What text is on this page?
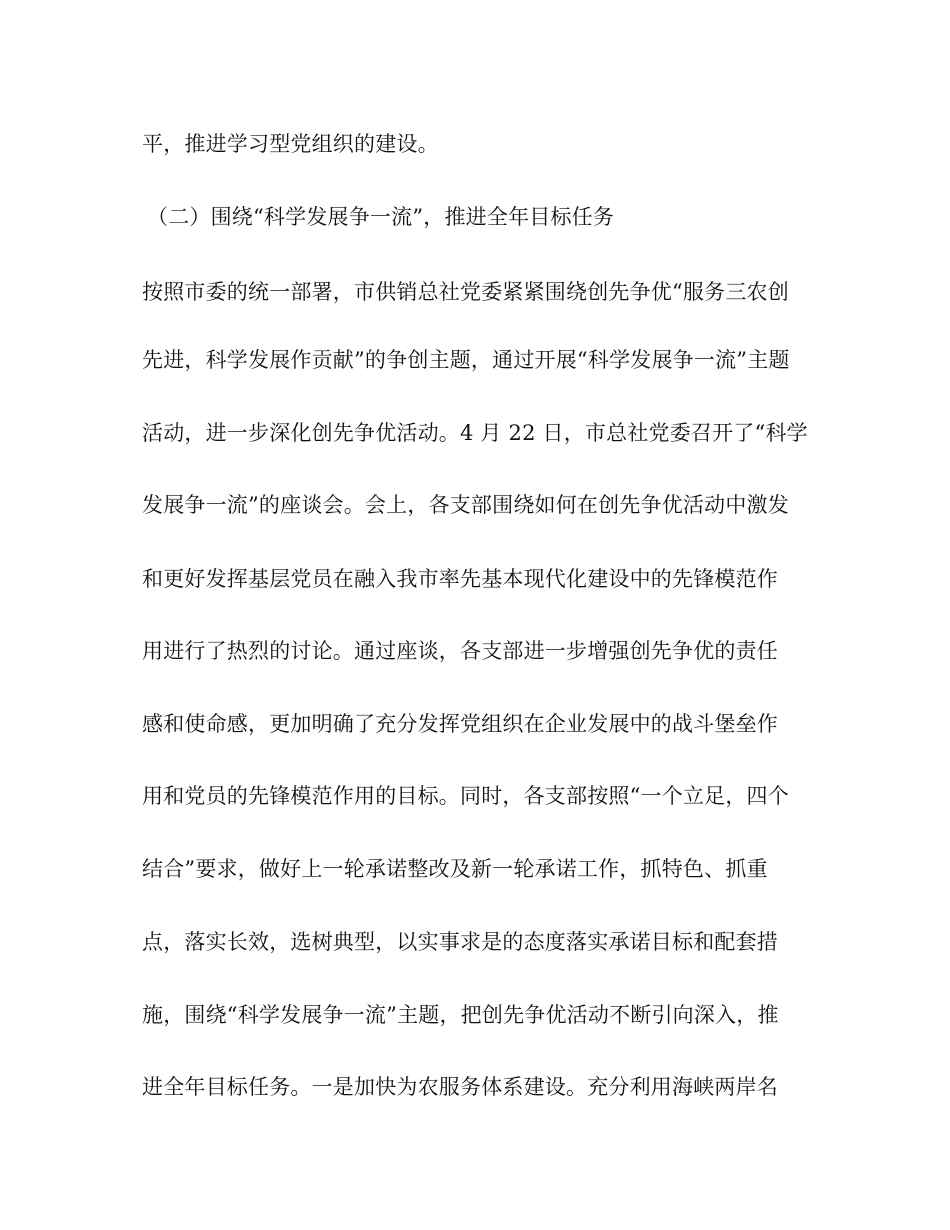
平，推进学习型党组织的建设。
（二）围绕“科学发展争一流”，推进全年目标任务
按照市委的统一部署，市供销总社党委紧紧围绕创先争优“服务三农创
先进，科学发展作贡献”的争创主题，通过开展“科学发展争一流”主题
活动，进一步深化创先争优活动。4 月 22 日，市总社党委召开了“科学
发展争一流”的座谈会。会上，各支部围绕如何在创先争优活动中激发
和更好发挥基层党员在融入我市率先基本现代化建设中的先锋模范作
用进行了热烈的讨论。通过座谈，各支部进一步增强创先争优的责任
感和使命感，更加明确了充分发挥党组织在企业发展中的战斗堡垒作
用和党员的先锋模范作用的目标。同时，各支部按照“一个立足，四个
结合”要求，做好上一轮承诺整改及新一轮承诺工作，抓特色、抓重
点，落实长效，选树典型，以实事求是的态度落实承诺目标和配套措
施，围绕“科学发展争一流”主题，把创先争优活动不断引向深入，推
进全年目标任务。一是加快为农服务体系建设。充分利用海峡两岸名
